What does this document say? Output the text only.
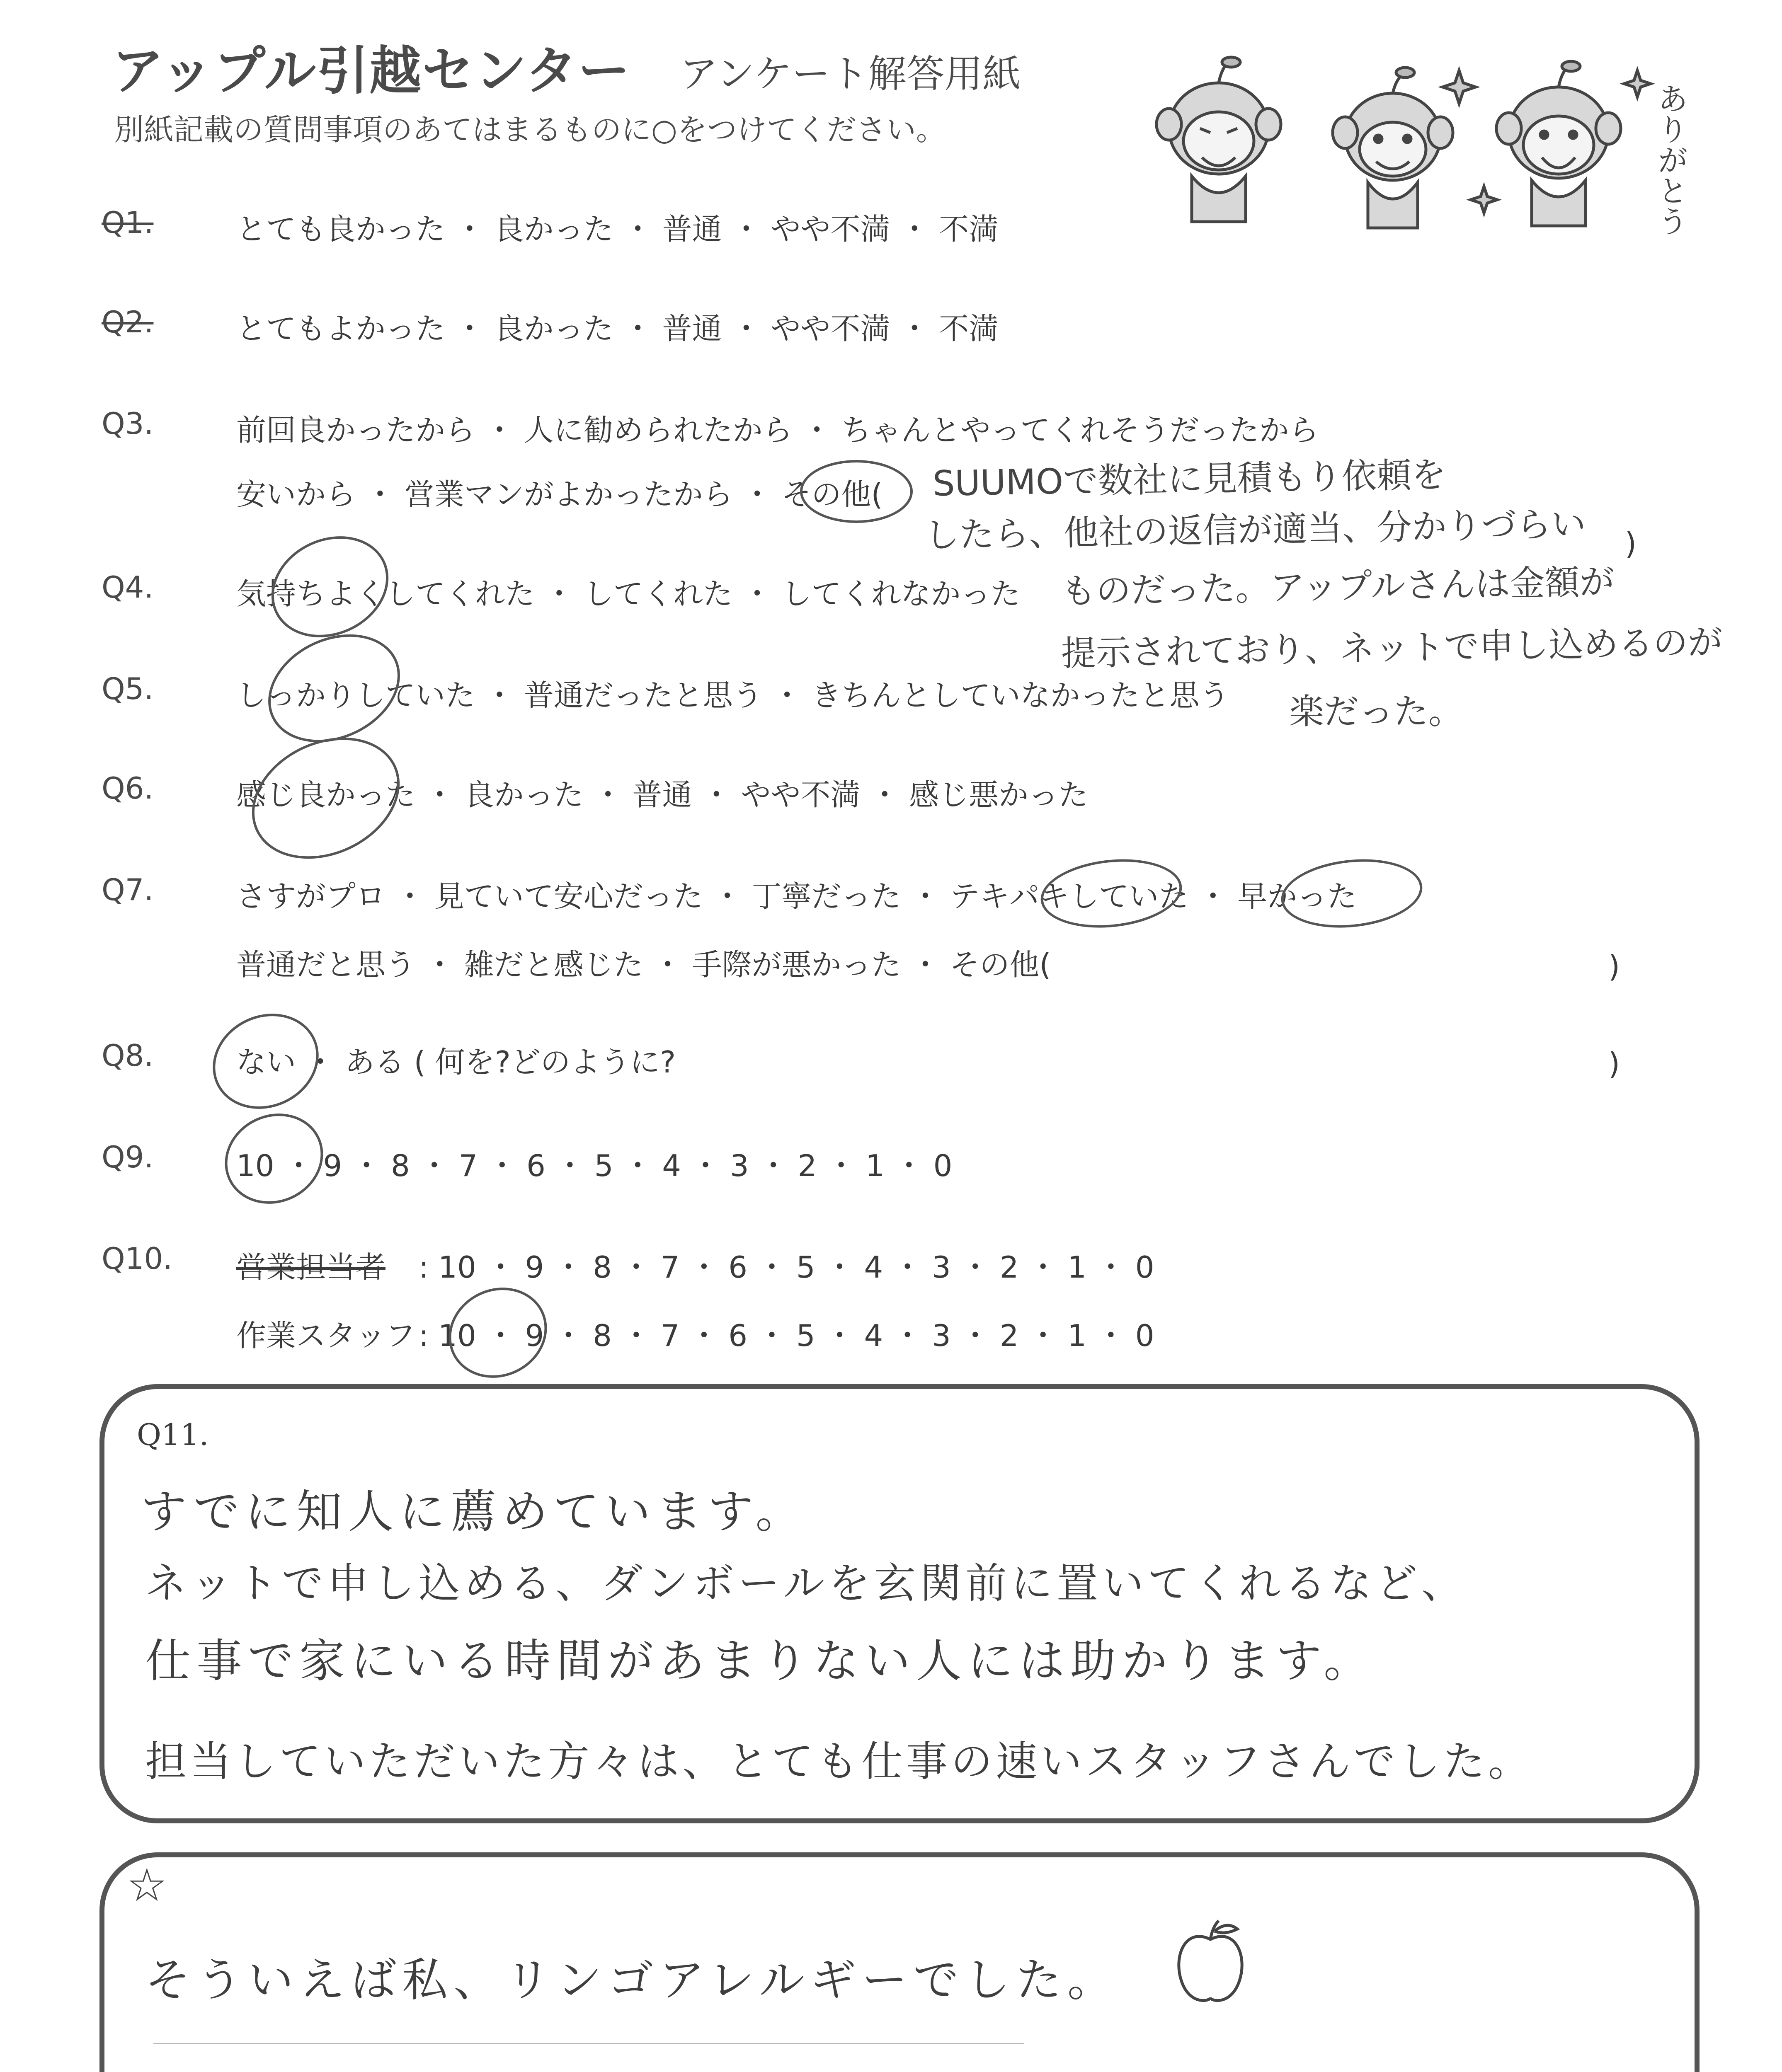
アップル引越センター アンケート解答用紙
別紙記載の質問事項のあてはまるものに○をつけてください。	ありがとう
Q1.	とても良かった ・ 良かった ・ 普通 ・ やや不満 ・ 不満
Q2.	とてもよかった ・ 良かった ・ 普通 ・ やや不満 ・ 不満
Q3.	前回良かったから ・ 人に勧められたから ・ ちゃんとやってくれそうだったから
安いから ・ 営業マンがよかったから ・ その他(
)
SUUMOで数社に見積もり依頼を
したら、他社の返信が適当、分かりづらい
ものだった。アップルさんは金額が
提示されており、ネットで申し込めるのが
楽だった。
Q4.	気持ちよくしてくれた ・ してくれた ・ してくれなかった
Q5.	しっかりしていた ・ 普通だったと思う ・ きちんとしていなかったと思う
Q6.	感じ良かった ・ 良かった ・ 普通 ・ やや不満 ・ 感じ悪かった
Q7.	さすがプロ ・ 見ていて安心だった ・ 丁寧だった ・ テキパキしていた ・ 早かった
普通だと思う ・ 雑だと感じた ・ 手際が悪かった ・ その他(	)
Q8.	ない ・ ある ( 何を?どのように?	)
Q9.	10 ・ 9 ・ 8 ・ 7 ・ 6 ・ 5 ・ 4 ・ 3 ・ 2 ・ 1 ・ 0
Q10. 営業担当者 : 10 ・ 9 ・ 8 ・ 7 ・ 6 ・ 5 ・ 4 ・ 3 ・ 2 ・ 1 ・ 0
作業スタッフ : 10 ・ 9 ・ 8 ・ 7 ・ 6 ・ 5 ・ 4 ・ 3 ・ 2 ・ 1 ・ 0
Q11.
すでに知人に薦めています。
ネットで申し込める、ダンボールを玄関前に置いてくれるなど、
仕事で家にいる時間があまりない人には助かります。
担当していただいた方々は、とても仕事の速いスタッフさんでした。
☆
そういえば私、リンゴアレルギーでした。
